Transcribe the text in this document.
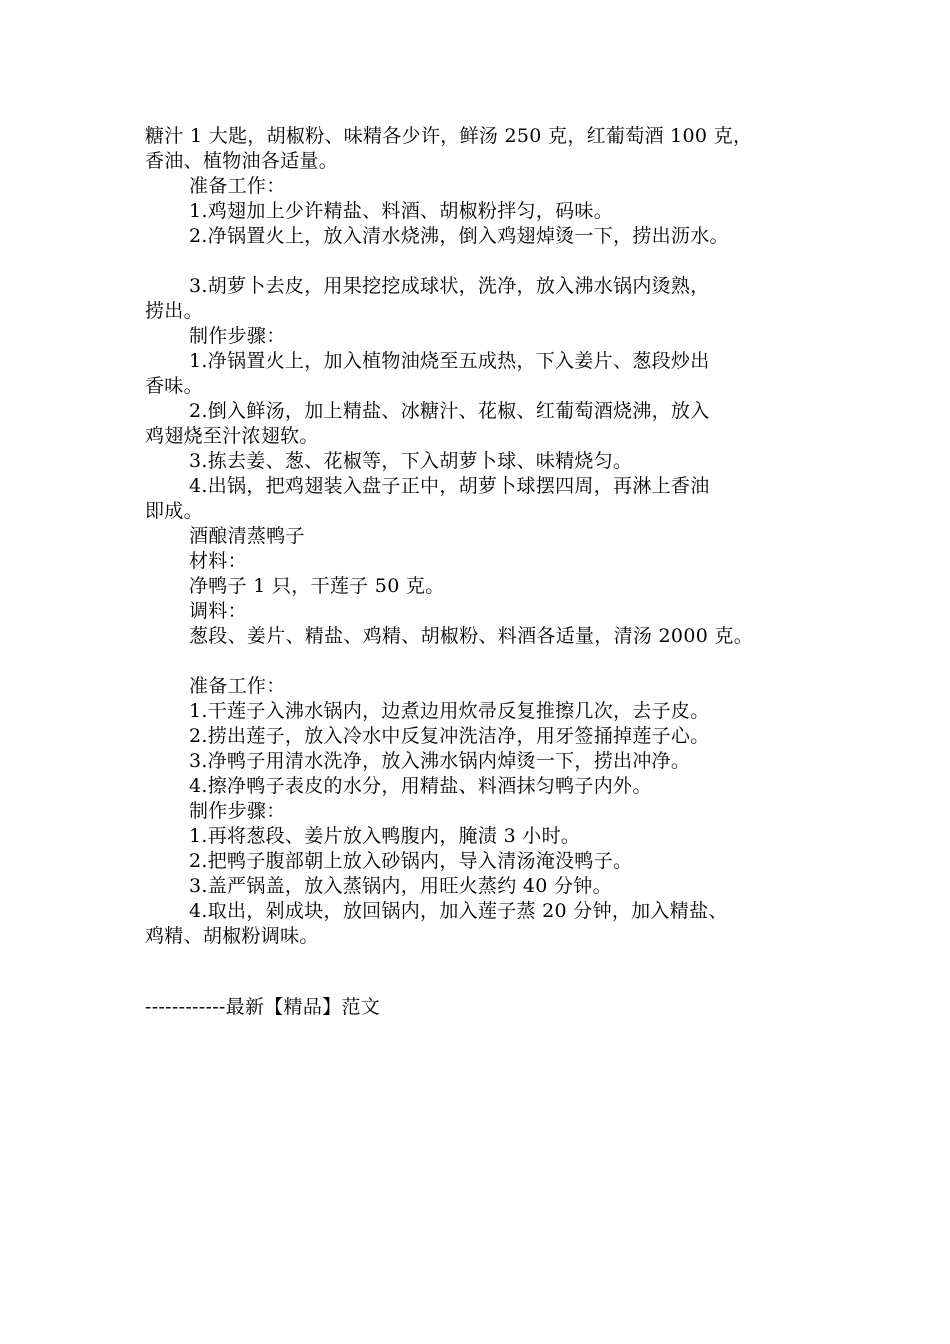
糖汁 1 大匙，胡椒粉、味精各少许，鲜汤 250 克，红葡萄酒 100 克，
香油、植物油各适量。
准备工作：
1.鸡翅加上少许精盐、料酒、胡椒粉拌匀，码味。
2.净锅置火上，放入清水烧沸，倒入鸡翅焯烫一下，捞出沥水。
3.胡萝卜去皮，用果挖挖成球状，洗净，放入沸水锅内烫熟，
捞出。
制作步骤：
1.净锅置火上，加入植物油烧至五成热，下入姜片、葱段炒出
香味。
2.倒入鲜汤，加上精盐、冰糖汁、花椒、红葡萄酒烧沸，放入
鸡翅烧至汁浓翅软。
3.拣去姜、葱、花椒等，下入胡萝卜球、味精烧匀。
4.出锅，把鸡翅装入盘子正中，胡萝卜球摆四周，再淋上香油
即成。
酒酿清蒸鸭子
材料：
净鸭子 1 只，干莲子 50 克。
调料：
葱段、姜片、精盐、鸡精、胡椒粉、料酒各适量，清汤 2000 克。
准备工作：
1.干莲子入沸水锅内，边煮边用炊帚反复推擦几次，去子皮。
2.捞出莲子，放入冷水中反复冲洗洁净，用牙签捅掉莲子心。
3.净鸭子用清水洗净，放入沸水锅内焯烫一下，捞出冲净。
4.擦净鸭子表皮的水分，用精盐、料酒抹匀鸭子内外。
制作步骤：
1.再将葱段、姜片放入鸭腹内，腌渍 3 小时。
2.把鸭子腹部朝上放入砂锅内，导入清汤淹没鸭子。
3.盖严锅盖，放入蒸锅内，用旺火蒸约 40 分钟。
4.取出，剁成块，放回锅内，加入莲子蒸 20 分钟，加入精盐、
鸡精、胡椒粉调味。
------------最新【精品】范文
